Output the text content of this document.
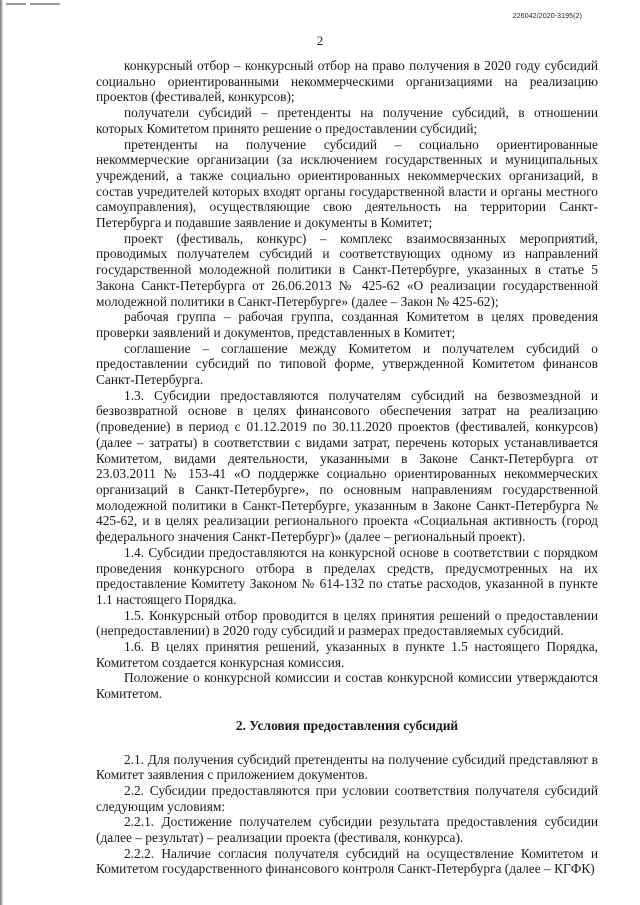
226042/2020-3195(2)
2

конкурсный отбор – конкурсный отбор на право получения в 2020 году субсидий социально ориентированными некоммерческими организациями на реализацию проектов (фестивалей, конкурсов);

получатели субсидий – претенденты на получение субсидий, в отношении которых Комитетом принято решение о предоставлении субсидий;

претенденты на получение субсидий – социально ориентированные некоммерческие организации (за исключением государственных и муниципальных учреждений, а также социально ориентированных некоммерческих организаций, в состав учредителей которых входят органы государственной власти и органы местного самоуправления), осуществляющие свою деятельность на территории Санкт-Петербурга и подавшие заявление и документы в Комитет;

проект (фестиваль, конкурс) – комплекс взаимосвязанных мероприятий, проводимых получателем субсидий и соответствующих одному из направлений государственной молодежной политики в Санкт-Петербурге, указанных в статье 5 Закона Санкт-Петербурга от 26.06.2013 № 425-62 «О реализации государственной молодежной политики в Санкт-Петербурге» (далее – Закон № 425-62);

рабочая группа – рабочая группа, созданная Комитетом в целях проведения проверки заявлений и документов, представленных в Комитет;

соглашение – соглашение между Комитетом и получателем субсидий о предоставлении субсидий по типовой форме, утвержденной Комитетом финансов Санкт-Петербурга.

1.3. Субсидии предоставляются получателям субсидий на безвозмездной и безвозвратной основе в целях финансового обеспечения затрат на реализацию (проведение) в период с 01.12.2019 по 30.11.2020 проектов (фестивалей, конкурсов) (далее – затраты) в соответствии с видами затрат, перечень которых устанавливается Комитетом, видами деятельности, указанными в Законе Санкт-Петербурга от 23.03.2011 № 153-41 «О поддержке социально ориентированных некоммерческих организаций в Санкт-Петербурге», по основным направлениям государственной молодежной политики в Санкт-Петербурге, указанным в Законе Санкт-Петербурга № 425-62, и в целях реализации регионального проекта «Социальная активность (город федерального значения Санкт-Петербург)» (далее – региональный проект).

1.4. Субсидии предоставляются на конкурсной основе в соответствии с порядком проведения конкурсного отбора в пределах средств, предусмотренных на их предоставление Комитету Законом № 614-132 по статье расходов, указанной в пункте 1.1 настоящего Порядка.

1.5. Конкурсный отбор проводится в целях принятия решений о предоставлении (непредоставлении) в 2020 году субсидий и размерах предоставляемых субсидий.

1.6. В целях принятия решений, указанных в пункте 1.5 настоящего Порядка, Комитетом создается конкурсная комиссия.

Положение о конкурсной комиссии и состав конкурсной комиссии утверждаются Комитетом.

2. Условия предоставления субсидий

2.1. Для получения субсидий претенденты на получение субсидий представляют в Комитет заявления с приложением документов.

2.2. Субсидии предоставляются при условии соответствия получателя субсидий следующим условиям:

2.2.1. Достижение получателем субсидии результата предоставления субсидии (далее – результат) – реализации проекта (фестиваля, конкурса).

2.2.2. Наличие согласия получателя субсидий на осуществление Комитетом и Комитетом государственного финансового контроля Санкт-Петербурга (далее – КГФК)
